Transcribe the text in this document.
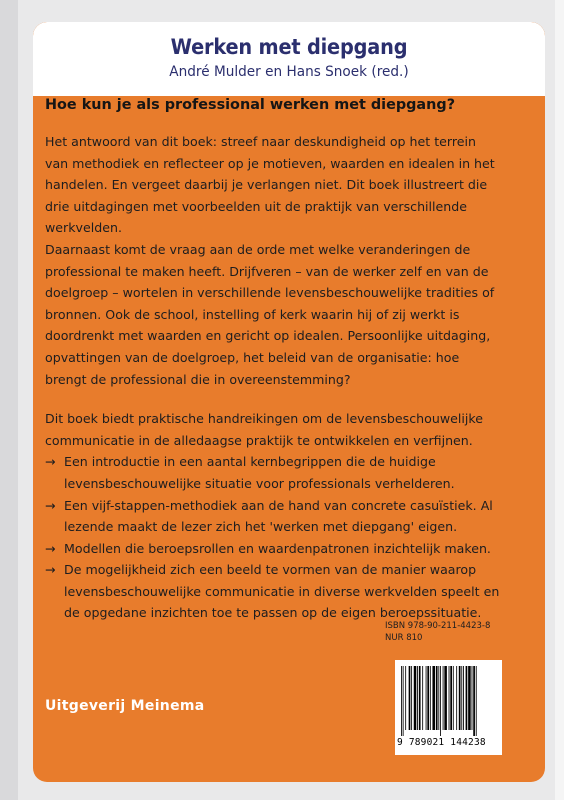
Werken met diepgang
André Mulder en Hans Snoek (red.)
Hoe kun je als professional werken met diepgang?

Het antwoord van dit boek: streef naar deskundigheid op het terrein van methodiek en reflecteer op je motieven, waarden en idealen in het handelen. En vergeet daarbij je verlangen niet. Dit boek illustreert die drie uitdagingen met voorbeelden uit de praktijk van verschillende werkvelden.

Daarnaast komt de vraag aan de orde met welke veranderingen de professional te maken heeft. Drijfveren – van de werker zelf en van de doelgroep – wortelen in verschillende levensbeschouwelijke tradities of bronnen. Ook de school, instelling of kerk waarin hij of zij werkt is doordrenkt met waarden en gericht op idealen. Persoonlijke uitdaging, opvattingen van de doelgroep, het beleid van de organisatie: hoe brengt de professional die in overeenstemming?

Dit boek biedt praktische handreikingen om de levensbeschouwelijke communicatie in de alledaagse praktijk te ontwikkelen en verfijnen.

→ Een introductie in een aantal kernbegrippen die de huidige levensbeschouwelijke situatie voor professionals verhelderen.
→ Een vijf-stappen-methodiek aan de hand van concrete casuïstiek. Al lezende maakt de lezer zich het 'werken met diepgang' eigen.
→ Modellen die beroepsrollen en waardenpatronen inzichtelijk maken.
→ De mogelijkheid zich een beeld te vormen van de manier waarop levensbeschouwelijke communicatie in diverse werkvelden speelt en de opgedane inzichten toe te passen op de eigen beroepssituatie.
ISBN 978-90-211-4423-8
NUR 810
Uitgeverij Meinema
9 789021 144238
